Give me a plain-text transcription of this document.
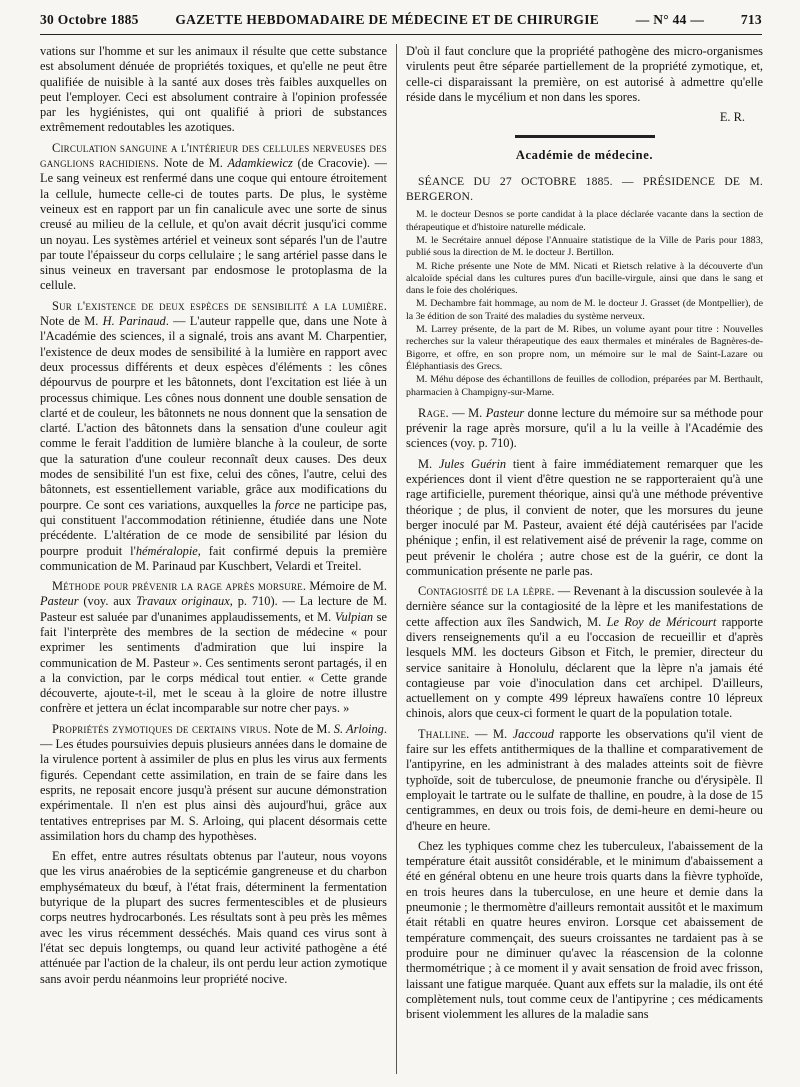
30 Octobre 1885	GAZETTE HEBDOMADAIRE DE MÉDECINE ET DE CHIRURGIE	— N° 44 —	713

vations sur l'homme et sur les animaux il résulte que cette substance est absolument dénuée de propriétés toxiques, et qu'elle ne peut être qualifiée de nuisible à la santé aux doses très faibles auxquelles on peut l'employer. Ceci est absolument contraire à l'opinion professée par les hygiénistes, qui ont qualifié à priori de substances extrêmement redoutables les azotiques.

Circulation sanguine a l'intérieur des cellules nerveuses des ganglions rachidiens. Note de M. Adamkiewicz (de Cracovie). — Le sang veineux est renfermé dans une coque qui entoure étroitement la cellule, humecte celle-ci de toutes parts. De plus, le système veineux est en rapport par un fin canalicule avec une sorte de sinus creusé au milieu de la cellule, et qu'on avait décrit jusqu'ici comme un noyau. Les systèmes artériel et veineux sont séparés l'un de l'autre par toute l'épaisseur du corps cellulaire ; le sang artériel passe dans le sinus veineux en traversant par endosmose le protoplasma de la cellule.

Sur l'existence de deux espèces de sensibilité a la lumière. Note de M. H. Parinaud. — L'auteur rappelle que, dans une Note à l'Académie des sciences, il a signalé, trois ans avant M. Charpentier, l'existence de deux modes de sensibilité à la lumière en rapport avec deux processus différents et deux espèces d'éléments : les cônes dépourvus de pourpre et les bâtonnets, dont l'excitation est liée à un processus chimique. Les cônes nous donnent une double sensation de clarté et de couleur, les bâtonnets ne nous donnent que la sensation de clarté. L'action des bâtonnets dans la sensation d'une couleur agit comme le ferait l'addition de lumière blanche à la couleur, de sorte que la saturation d'une couleur reconnaît deux causes. Des deux modes de sensibilité l'un est fixe, celui des cônes, l'autre, celui des bâtonnets, est essentiellement variable, grâce aux modifications du pourpre. Ce sont ces variations, auxquelles la force ne participe pas, qui constituent l'accommodation rétinienne, étudiée dans une Note précédente. L'altération de ce mode de sensibilité par lésion du pourpre produit l'héméralopie, fait confirmé depuis la première communication de M. Parinaud par Kuschbert, Velardi et Treitel.

Méthode pour prévenir la rage après morsure. Mémoire de M. Pasteur (voy. aux Travaux originaux, p. 710). — La lecture de M. Pasteur est saluée par d'unanimes applaudissements, et M. Vulpian se fait l'interprète des membres de la section de médecine « pour exprimer les sentiments d'admiration que lui inspire la communication de M. Pasteur ». Ces sentiments seront partagés, il en a la conviction, par le corps médical tout entier. « Cette grande découverte, ajoute-t-il, met le sceau à la gloire de notre illustre confrère et jettera un éclat incomparable sur notre cher pays. »

Propriétés zymotiques de certains virus. Note de M. S. Arloing. — Les études poursuivies depuis plusieurs années dans le domaine de la virulence portent à assimiler de plus en plus les virus aux ferments figurés. Cependant cette assimilation, en train de se faire dans les esprits, ne reposait encore jusqu'à présent sur aucune démonstration expérimentale. Il n'en est plus ainsi dès aujourd'hui, grâce aux tentatives entreprises par M. S. Arloing, qui placent désormais cette assimilation hors du champ des hypothèses.

En effet, entre autres résultats obtenus par l'auteur, nous voyons que les virus anaérobies de la septicémie gangreneuse et du charbon emphysémateux du bœuf, à l'état frais, déterminent la fermentation butyrique de la plupart des sucres fermentescibles et de plusieurs corps neutres hydrocarbonés. Les résultats sont à peu près les mêmes avec les virus récemment desséchés. Mais quand ces virus sont à l'état sec depuis longtemps, ou quand leur activité pathogène a été atténuée par l'action de la chaleur, ils ont perdu leur action zymotique sans avoir perdu néanmoins leur propriété nocive.

D'où il faut conclure que la propriété pathogène des micro-organismes virulents peut être séparée partiellement de la propriété zymotique, et, celle-ci disparaissant la première, on est autorisé à admettre qu'elle réside dans le mycélium et non dans les spores.

E. R.
Académie de médecine.

SÉANCE DU 27 OCTOBRE 1885. — PRÉSIDENCE DE M. BERGERON.

M. le docteur Desnos se porte candidat à la place déclarée vacante dans la section de thérapeutique et d'histoire naturelle médicale.

M. le Secrétaire annuel dépose l'Annuaire statistique de la Ville de Paris pour 1883, publié sous la direction de M. le docteur J. Bertillon.

M. Riche présente une Note de MM. Nicati et Rietsch relative à la découverte d'un alcaloïde spécial dans les cultures pures d'un bacille-virgule, ainsi que dans le sang et dans le foie des cholériques.

M. Dechambre fait hommage, au nom de M. le docteur J. Grasset (de Montpellier), de la 3e édition de son Traité des maladies du système nerveux.

M. Larrey présente, de la part de M. Ribes, un volume ayant pour titre : Nouvelles recherches sur la valeur thérapeutique des eaux thermales et minérales de Bagnères-de-Bigorre, et offre, en son propre nom, un mémoire sur le mal de Saint-Lazare ou Éléphantiasis des Grecs.

M. Méhu dépose des échantillons de feuilles de collodion, préparées par M. Berthault, pharmacien à Champigny-sur-Marne.

Rage. — M. Pasteur donne lecture du mémoire sur sa méthode pour prévenir la rage après morsure, qu'il a lu la veille à l'Académie des sciences (voy. p. 710).

M. Jules Guérin tient à faire immédiatement remarquer que les expériences dont il vient d'être question ne se rapporteraient qu'à une rage artificielle, purement théorique, ainsi qu'à une méthode préventive théorique ; de plus, il convient de noter, que les morsures du jeune berger inoculé par M. Pasteur, avaient été déjà cautérisées par l'acide phénique ; enfin, il est relativement aisé de prévenir la rage, comme on peut prévenir le choléra ; autre chose est de la guérir, ce dont la communication présente ne parle pas.

Contagiosité de la lèpre. — Revenant à la discussion soulevée à la dernière séance sur la contagiosité de la lèpre et les manifestations de cette affection aux îles Sandwich, M. Le Roy de Méricourt rapporte divers renseignements qu'il a eu l'occasion de recueillir et d'après lesquels MM. les docteurs Gibson et Fitch, le premier, directeur du service sanitaire à Honolulu, déclarent que la lèpre n'a jamais été contagieuse par voie d'inoculation dans cet archipel. D'ailleurs, actuellement on y compte 499 lépreux hawaïens contre 10 lépreux chinois, alors que ceux-ci forment le quart de la population totale.

Thalline. — M. Jaccoud rapporte les observations qu'il vient de faire sur les effets antithermiques de la thalline et comparativement de l'antipyrine, en les administrant à des malades atteints soit de fièvre typhoïde, soit de tuberculose, de pneumonie franche ou d'érysipèle. Il employait le tartrate ou le sulfate de thalline, en poudre, à la dose de 15 centigrammes, en deux ou trois fois, de demi-heure en demi-heure ou d'heure en heure.

Chez les typhiques comme chez les tuberculeux, l'abaissement de la température était aussitôt considérable, et le minimum d'abaissement a été en général obtenu en une heure trois quarts dans la fièvre typhoïde, en trois heures dans la tuberculose, en une heure et demie dans la pneumonie ; le thermomètre d'ailleurs remontait aussitôt et le maximum était rétabli en quatre heures environ. Lorsque cet abaissement de température commençait, des sueurs croissantes ne tardaient pas à se produire pour ne diminuer qu'avec la réascension de la colonne thermométrique ; à ce moment il y avait sensation de froid avec frisson, laissant une fatigue marquée. Quant aux effets sur la maladie, ils ont été complètement nuls, tout comme ceux de l'antipyrine ; ces médicaments brisent violemment les allures de la maladie sans
